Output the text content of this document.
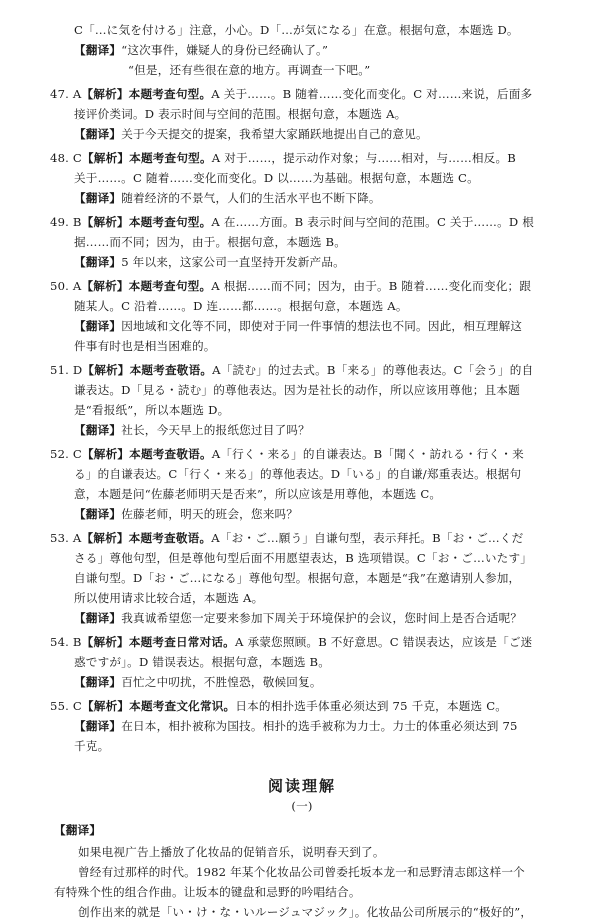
C「…に気を付ける」注意，小心。D「…が気になる」在意。根据句意，本题选 D。
【翻译】“这次事件，嫌疑人的身份已经确认了。”
“但是，还有些很在意的地方。再调查一下吧。”
47. A【解析】本题考查句型。A 关于……。B 随着……变化而变化。C 对……来说，后面多
接评价类词。D 表示时间与空间的范围。根据句意，本题选 A。
【翻译】关于今天提交的提案，我希望大家踊跃地提出自己的意见。
48. C【解析】本题考查句型。A 对于……，提示动作对象；与……相对，与……相反。B
关于……。C 随着……变化而变化。D 以……为基础。根据句意，本题选 C。
【翻译】随着经济的不景气，人们的生活水平也不断下降。
49. B【解析】本题考查句型。A 在……方面。B 表示时间与空间的范围。C 关于……。D 根
据……而不同；因为，由于。根据句意，本题选 B。
【翻译】5 年以来，这家公司一直坚持开发新产品。
50. A【解析】本题考查句型。A 根据……而不同；因为，由于。B 随着……变化而变化；跟
随某人。C 沿着……。D 连……都……。根据句意，本题选 A。
【翻译】因地域和文化等不同，即使对于同一件事情的想法也不同。因此，相互理解这
件事有时也是相当困难的。
51. D【解析】本题考查敬语。A「読む」的过去式。B「来る」的尊他表达。C「会う」的自
谦表达。D「見る・読む」的尊他表达。因为是社长的动作，所以应该用尊他；且本题
是“看报纸”，所以本题选 D。
【翻译】社长，今天早上的报纸您过目了吗？
52. C【解析】本题考查敬语。A「行く・来る」的自谦表达。B「聞く・訪れる・行く・来
る」的自谦表达。C「行く・来る」的尊他表达。D「いる」的自谦/郑重表达。根据句
意，本题是问“佐藤老师明天是否来”，所以应该是用尊他，本题选 C。
【翻译】佐藤老师，明天的班会，您来吗？
53. A【解析】本题考查敬语。A「お・ご…願う」自谦句型，表示拜托。B「お・ご…くだ
さる」尊他句型，但是尊他句型后面不用愿望表达，B 选项错误。C「お・ご…いたす」
自谦句型。D「お・ご…になる」尊他句型。根据句意，本题是“我”在邀请别人参加，
所以使用请求比较合适，本题选 A。
【翻译】我真诚希望您一定要来参加下周关于环境保护的会议，您时间上是否合适呢？
54. B【解析】本题考查日常对话。A 承蒙您照顾。B 不好意思。C 错误表达，应该是「ご迷
惑ですが」。D 错误表达。根据句意，本题选 B。
【翻译】百忙之中叨扰，不胜惶恐，敬候回复。
55. C【解析】本题考查文化常识。日本的相扑选手体重必须达到 75 千克，本题选 C。
【翻译】在日本，相扑被称为国技。相扑的选手被称为力士。力士的体重必须达到 75
千克。
阅读理解
(一)
【翻译】
如果电视广告上播放了化妆品的促销音乐，说明春天到了。
曾经有过那样的时代。1982 年某个化妆品公司曾委托坂本龙一和忌野清志郎这样一个
有特殊个性的组合作曲。让坂本的键盘和忌野的吟唱结合。
创作出来的就是「い・け・な・いルージュマジック」。化妆品公司所展示的“极好的”，
